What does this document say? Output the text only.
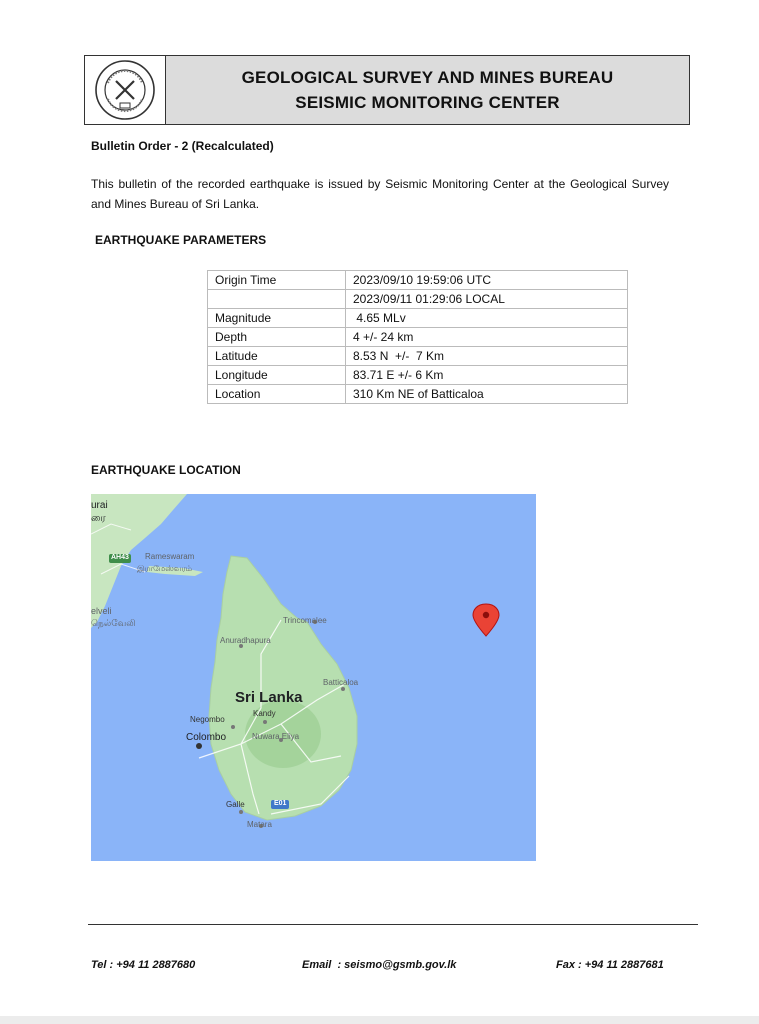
GEOLOGICAL SURVEY AND MINES BUREAU
SEISMIC MONITORING CENTER
Bulletin Order - 2 (Recalculated)
This bulletin of the recorded earthquake is issued by Seismic Monitoring Center at the Geological Survey and Mines Bureau of Sri Lanka.
EARTHQUAKE PARAMETERS
Origin Time	2023/09/10 19:59:06 UTC
	2023/09/11 01:29:06 LOCAL
Magnitude	4.65 MLv
Depth	4 +/- 24 km
Latitude	8.53 N  +/-  7 Km
Longitude	83.71 E +/- 6 Km
Location	310 Km NE of Batticaloa
EARTHQUAKE LOCATION
urai
ரை
AH43 Rameswaram
இராமேஸ்வரம்
elveli
நெல்வேலி	Trincomalee
Anuradhapura
Batticaloa
Sri Lanka
Negombo
Kandy
Colombo	Nuwara Eliya
Galle	E01
Matara
Tel : +94 11 2887680	Email  : seismo@gsmb.gov.lk	Fax : +94 11 2887681
